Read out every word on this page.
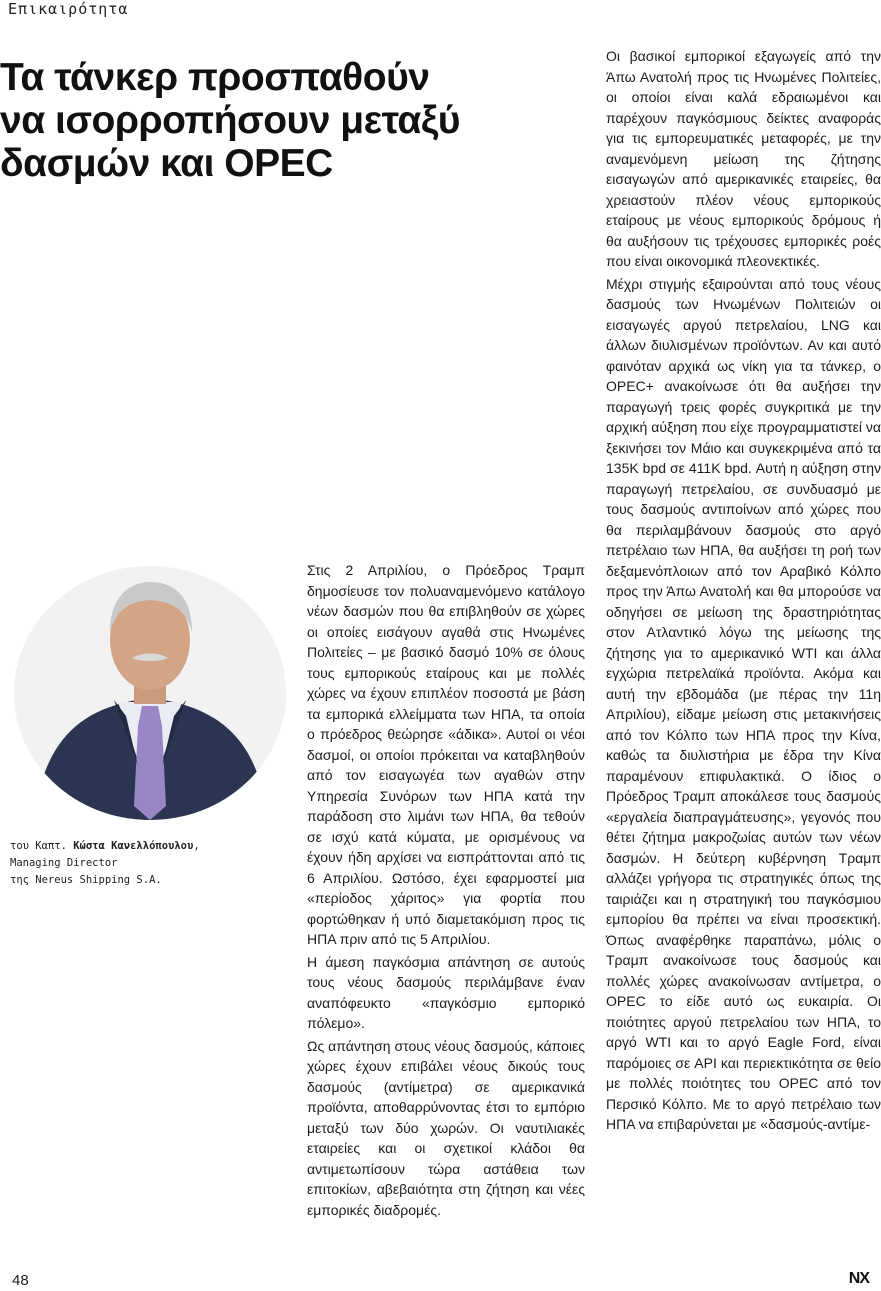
Επικαιρότητα
Τα τάνκερ προσπαθούν
να ισορροπήσουν μεταξύ
δασμών και OPEC
του Καπτ. Κώστα Κανελλόπουλου,
Managing Director
της Nereus Shipping S.A.

Στις 2 Απριλίου, ο Πρόεδρος Τραμπ δημοσίευσε τον πολυαναμενόμενο κατάλογο νέων δασμών που θα επιβληθούν σε χώρες οι οποίες εισάγουν αγαθά στις Ηνωμένες Πολιτείες – με βασικό δασμό 10% σε όλους τους εμπορικούς εταίρους και με πολλές χώρες να έχουν επιπλέον ποσοστά με βάση τα εμπορικά ελλείμματα των ΗΠΑ, τα οποία ο πρόεδρος θεώρησε «άδικα». Αυτοί οι νέοι δασμοί, οι οποίοι πρόκειται να καταβληθούν από τον εισαγωγέα των αγαθών στην Υπηρεσία Συνόρων των ΗΠΑ κατά την παράδοση στο λιμάνι των ΗΠΑ, θα τεθούν σε ισχύ κατά κύματα, με ορισμένους να έχουν ήδη αρχίσει να εισπράττονται από τις 6 Απριλίου. Ωστόσο, έχει εφαρμοστεί μια «περίοδος χάριτος» για φορτία που φορτώθηκαν ή υπό διαμετακόμιση προς τις ΗΠΑ πριν από τις 5 Απριλίου.

Η άμεση παγκόσμια απάντηση σε αυτούς τους νέους δασμούς περιλάμβανε έναν αναπόφευκτο «παγκόσμιο εμπορικό πόλεμο».

Ως απάντηση στους νέους δασμούς, κάποιες χώρες έχουν επιβάλει νέους δικούς τους δασμούς (αντίμετρα) σε αμερικανικά προϊόντα, αποθαρρύνοντας έτσι το εμπόριο μεταξύ των δύο χωρών. Οι ναυτιλιακές εταιρείες και οι σχετικοί κλάδοι θα αντιμετωπίσουν τώρα αστάθεια των επιτοκίων, αβεβαιότητα στη ζήτηση και νέες εμπορικές διαδρομές.

Οι βασικοί εμπορικοί εξαγωγείς από την Άπω Ανατολή προς τις Ηνωμένες Πολιτείες, οι οποίοι είναι καλά εδραιωμένοι και παρέχουν παγκόσμιους δείκτες αναφοράς για τις εμπορευματικές μεταφορές, με την αναμενόμενη μείωση της ζήτησης εισαγωγών από αμερικανικές εταιρείες, θα χρειαστούν πλέον νέους εμπορικούς εταίρους με νέους εμπορικούς δρόμους ή θα αυξήσουν τις τρέχουσες εμπορικές ροές που είναι οικονομικά πλεονεκτικές.

Μέχρι στιγμής εξαιρούνται από τους νέους δασμούς των Ηνωμένων Πολιτειών οι εισαγωγές αργού πετρελαίου, LNG και άλλων διυλισμένων προϊόντων. Αν και αυτό φαινόταν αρχικά ως νίκη για τα τάνκερ, ο OPEC+ ανακοίνωσε ότι θα αυξήσει την παραγωγή τρεις φορές συγκριτικά με την αρχική αύξηση που είχε προγραμματιστεί να ξεκινήσει τον Μάιο και συγκεκριμένα από τα 135K bpd σε 411K bpd. Αυτή η αύξηση στην παραγωγή πετρελαίου, σε συνδυασμό με τους δασμούς αντιποίνων από χώρες που θα περιλαμβάνουν δασμούς στο αργό πετρέλαιο των ΗΠΑ, θα αυξήσει τη ροή των δεξαμενόπλοιων από τον Αραβικό Κόλπο προς την Άπω Ανατολή και θα μπορούσε να οδηγήσει σε μείωση της δραστηριότητας στον Ατλαντικό λόγω της μείωσης της ζήτησης για το αμερικανικό WTI και άλλα εγχώρια πετρελαϊκά προϊόντα. Ακόμα και αυτή την εβδομάδα (με πέρας την 11η Απριλίου), είδαμε μείωση στις μετακινήσεις από τον Κόλπο των ΗΠΑ προς την Κίνα, καθώς τα διυλιστήρια με έδρα την Κίνα παραμένουν επιφυλακτικά. Ο ίδιος ο Πρόεδρος Τραμπ αποκάλεσε τους δασμούς «εργαλεία διαπραγμάτευσης», γεγονός που θέτει ζήτημα μακροζωίας αυτών των νέων δασμών. Η δεύτερη κυβέρνηση Τραμπ αλλάζει γρήγορα τις στρατηγικές όπως της ταιριάζει και η στρατηγική του παγκόσμιου εμπορίου θα πρέπει να είναι προσεκτική. Όπως αναφέρθηκε παραπάνω, μόλις ο Τραμπ ανακοίνωσε τους δασμούς και πολλές χώρες ανακοίνωσαν αντίμετρα, ο OPEC το είδε αυτό ως ευκαιρία. Οι ποιότητες αργού πετρελαίου των ΗΠΑ, το αργό WTI και το αργό Eagle Ford, είναι παρόμοιες σε API και περιεκτικότητα σε θείο με πολλές ποιότητες του OPEC από τον Περσικό Κόλπο. Με το αργό πετρέλαιο των ΗΠΑ να επιβαρύνεται με «δασμούς-αντίμε-

48	NX
